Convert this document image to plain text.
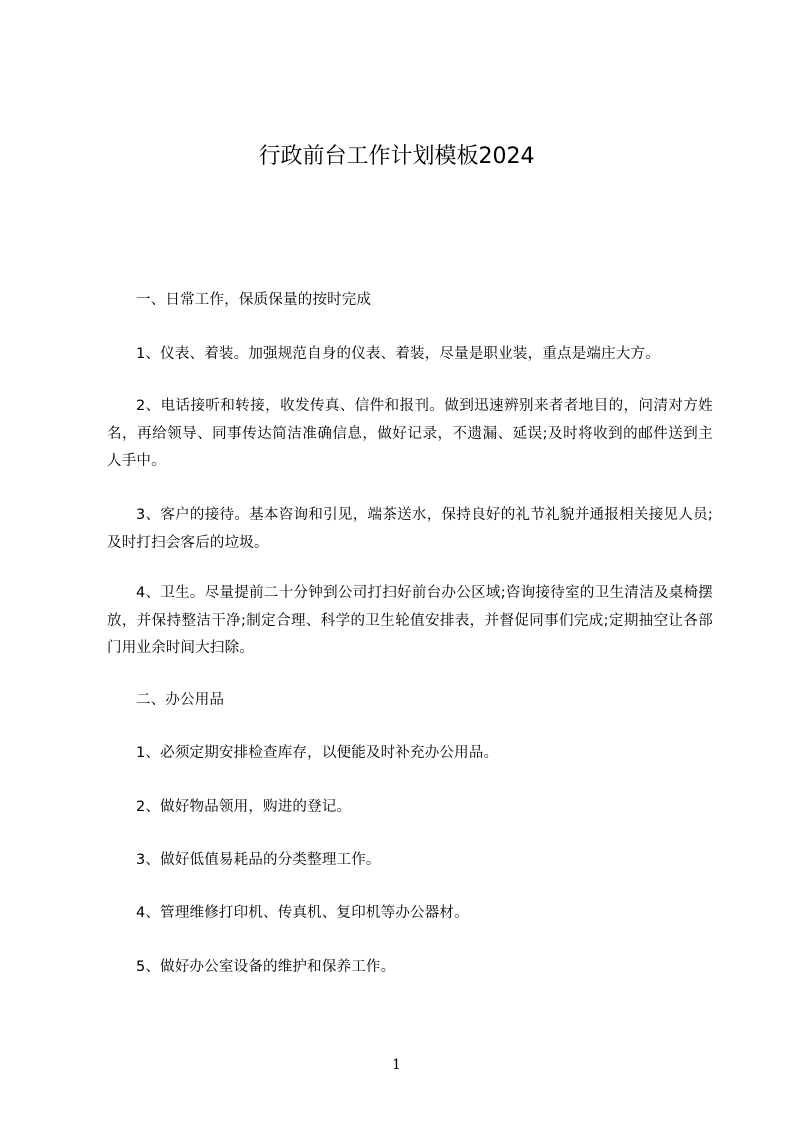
行政前台工作计划模板2024

一、日常工作，保质保量的按时完成

1、仪表、着装。加强规范自身的仪表、着装，尽量是职业装，重点是端庄大方。

2、电话接听和转接，收发传真、信件和报刊。做到迅速辨别来者者地目的，问清对方姓名，再给领导、同事传达简洁准确信息，做好记录，不遗漏、延误;及时将收到的邮件送到主人手中。

3、客户的接待。基本咨询和引见，端茶送水，保持良好的礼节礼貌并通报相关接见人员;及时打扫会客后的垃圾。

4、卫生。尽量提前二十分钟到公司打扫好前台办公区域;咨询接待室的卫生清洁及桌椅摆放，并保持整洁干净;制定合理、科学的卫生轮值安排表，并督促同事们完成;定期抽空让各部门用业余时间大扫除。

二、办公用品

1、必须定期安排检查库存，以便能及时补充办公用品。

2、做好物品领用，购进的登记。

3、做好低值易耗品的分类整理工作。

4、管理维修打印机、传真机、复印机等办公器材。

5、做好办公室设备的维护和保养工作。

1
